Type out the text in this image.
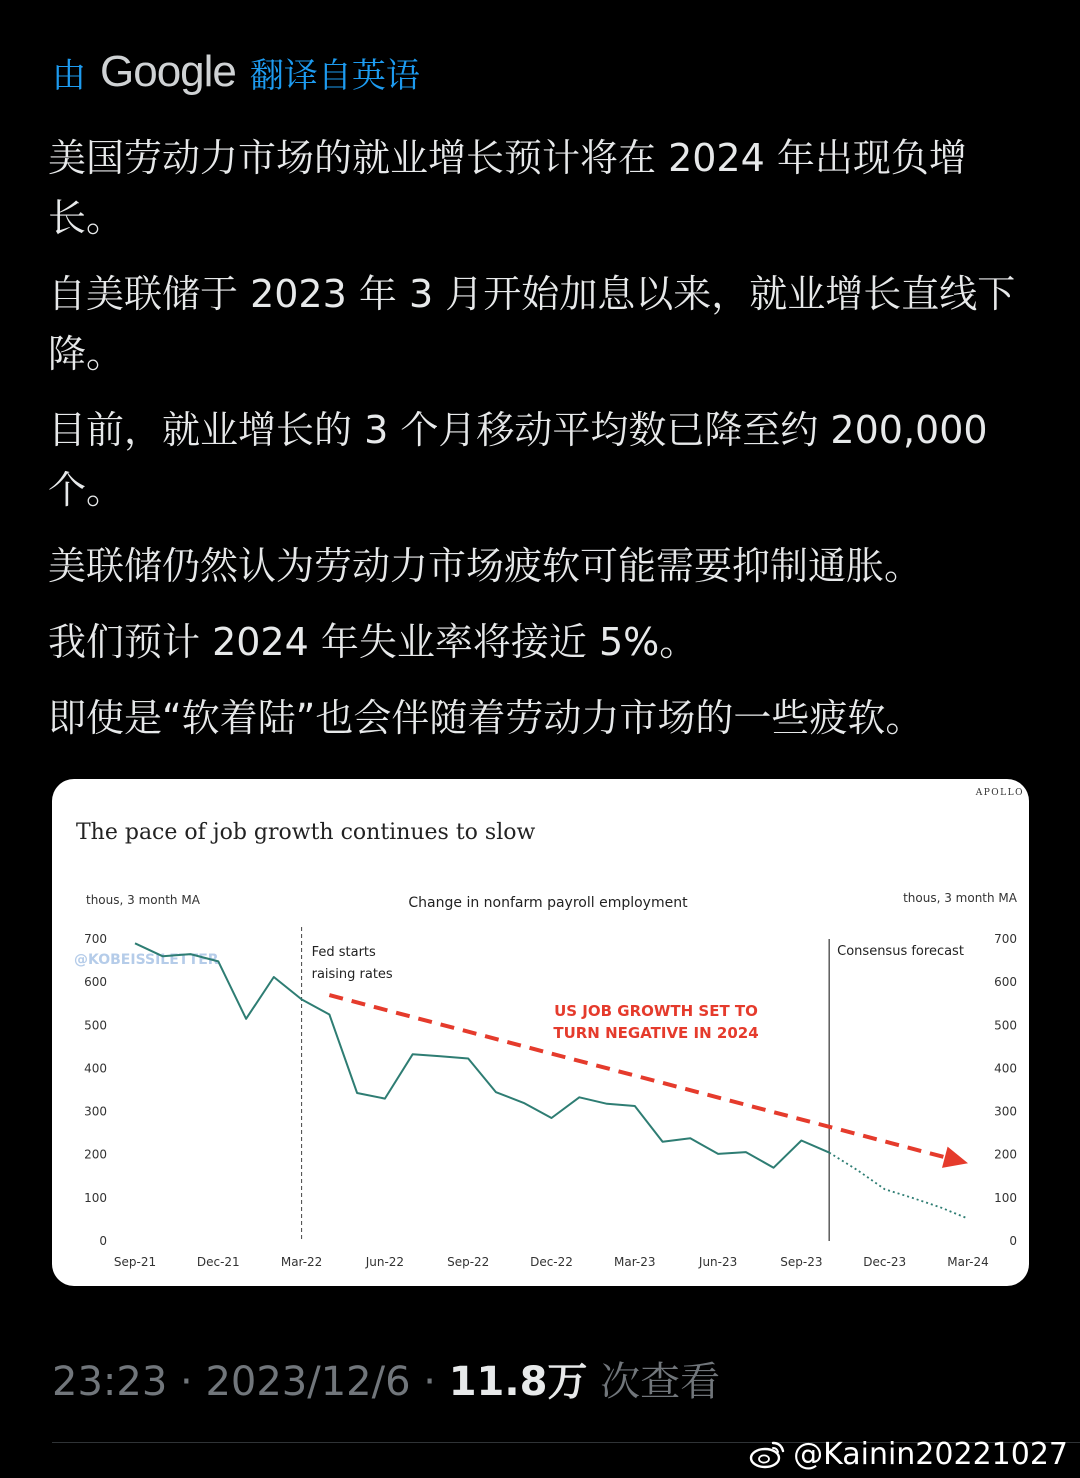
由 Google 翻译自英语

美国劳动力市场的就业增长预计将在 2024 年出现负增长。

自美联储于 2023 年 3 月开始加息以来，就业增长直线下降。

目前，就业增长的 3 个月移动平均数已降至约 200,000 个。

美联储仍然认为劳动力市场疲软可能需要抑制通胀。

我们预计 2024 年失业率将接近 5%。

即使是“软着陆”也会伴随着劳动力市场的一些疲软。

APOLLO
The pace of job growth continues to slow
Change in nonfarm payroll employment
thous, 3 month MA	thous, 3 month MA
@KOBEISSILETTER
0	0
100	100
200	200
300	300
400	400
500	500
600	600
700	700
Sep-21	Dec-21	Mar-22	Jun-22	Sep-22	Dec-22	Mar-23	Jun-23	Sep-23	Dec-23	Mar-24
Fed starts
raising rates
Consensus forecast
US JOB GROWTH SET TO
TURN NEGATIVE IN 2024
23:23 · 2023/12/6 · 11.8万 次查看
@Kainin20221027
